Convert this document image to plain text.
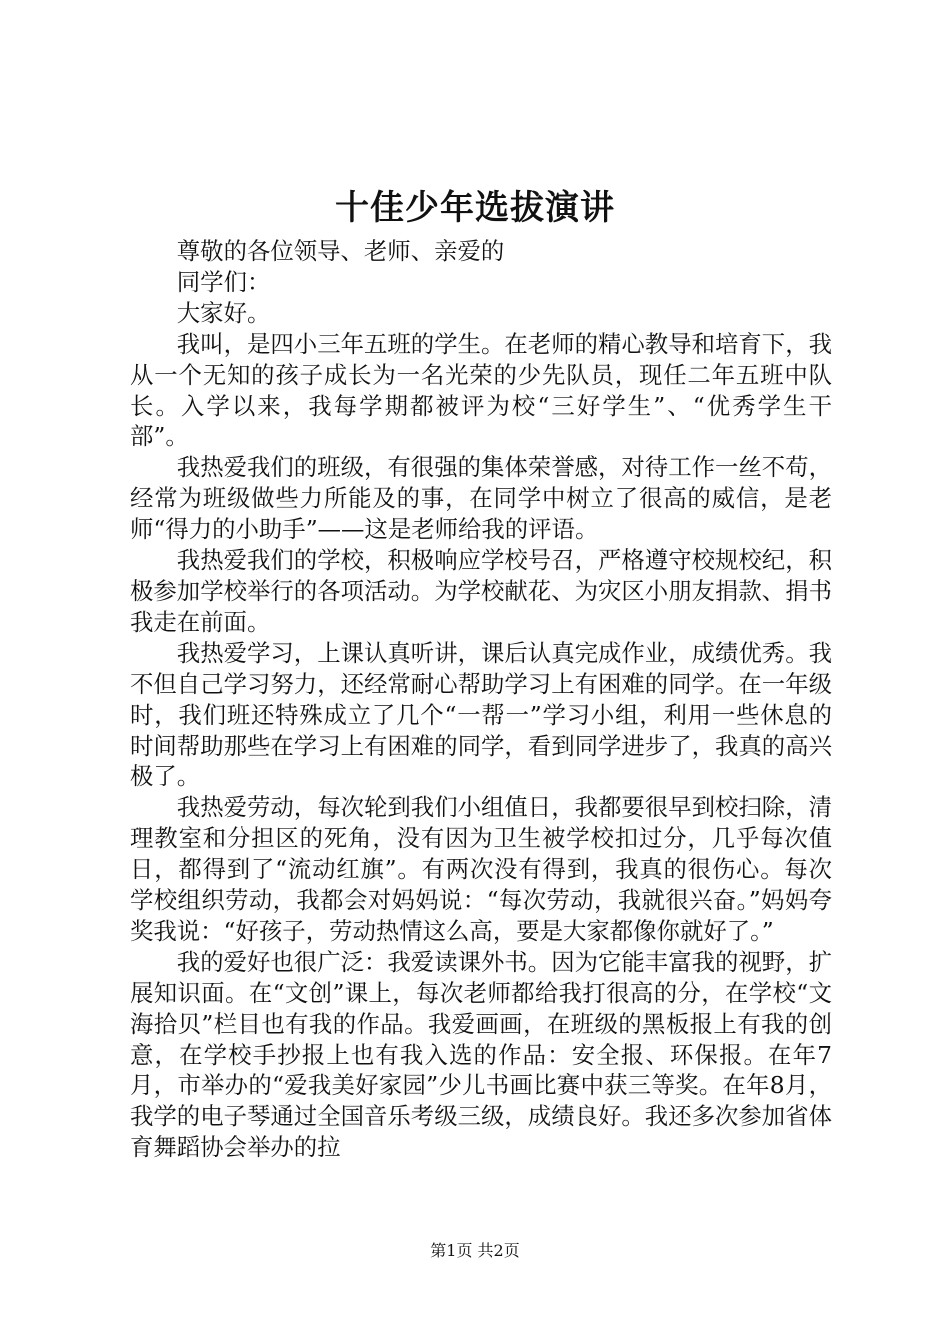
十佳少年选拔演讲

尊敬的各位领导、老师、亲爱的

同学们：

大家好。

我叫，是四小三年五班的学生。在老师的精心教导和培育下，我从一个无知的孩子成长为一名光荣的少先队员，现任二年五班中队长。入学以来，我每学期都被评为校“三好学生”、“优秀学生干部”。

我热爱我们的班级，有很强的集体荣誉感，对待工作一丝不苟，经常为班级做些力所能及的事，在同学中树立了很高的威信，是老师“得力的小助手”——这是老师给我的评语。

我热爱我们的学校，积极响应学校号召，严格遵守校规校纪，积极参加学校举行的各项活动。为学校献花、为灾区小朋友捐款、捐书我走在前面。

我热爱学习，上课认真听讲，课后认真完成作业，成绩优秀。我不但自己学习努力，还经常耐心帮助学习上有困难的同学。在一年级时，我们班还特殊成立了几个“一帮一”学习小组，利用一些休息的时间帮助那些在学习上有困难的同学，看到同学进步了，我真的高兴极了。

我热爱劳动，每次轮到我们小组值日，我都要很早到校扫除，清理教室和分担区的死角，没有因为卫生被学校扣过分，几乎每次值日，都得到了“流动红旗”。有两次没有得到，我真的很伤心。每次学校组织劳动，我都会对妈妈说：“每次劳动，我就很兴奋。”妈妈夸奖我说：“好孩子，劳动热情这么高，要是大家都像你就好了。”

我的爱好也很广泛：我爱读课外书。因为它能丰富我的视野，扩展知识面。在“文创”课上，每次老师都给我打很高的分，在学校“文海拾贝”栏目也有我的作品。我爱画画，在班级的黑板报上有我的创意，在学校手抄报上也有我入选的作品：安全报、环保报。在年7月，市举办的“爱我美好家园”少儿书画比赛中获三等奖。在年8月，我学的电子琴通过全国音乐考级三级，成绩良好。我还多次参加省体育舞蹈协会举办的拉

第1页 共2页
